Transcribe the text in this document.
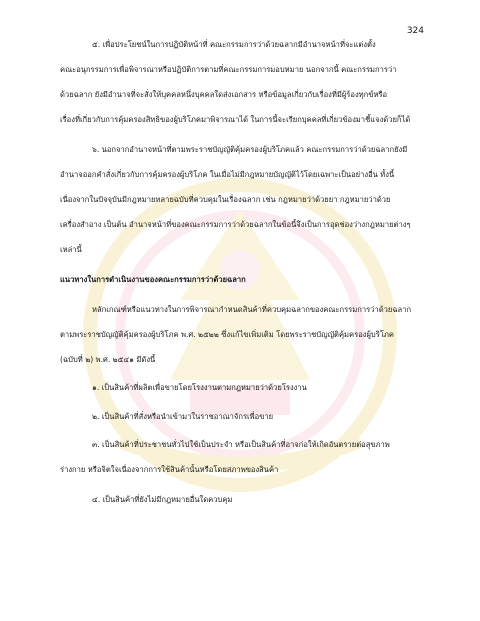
324
๕. เพื่อประโยชน์ในการปฏิบัติหน้าที่ คณะกรรมการว่าด้วยฉลากมีอำนาจหน้าที่จะแต่งตั้ง
คณะอนุกรรมการเพื่อพิจารณาหรือปฏิบัติการตามที่คณะกรรมการมอบหมาย นอกจากนี้ คณะกรรมการว่า
ด้วยฉลาก ยังมีอำนาจที่จะสั่งให้บุคคลหนึ่งบุคคลใดส่งเอกสาร หรือข้อมูลเกี่ยวกับเรื่องที่มีผู้ร้องทุกข์หรือ
เรื่องที่เกี่ยวกับการคุ้มครองสิทธิของผู้บริโภคมาพิจารณาได้ ในการนี้จะเรียกบุคคลที่เกี่ยวข้องมาชี้แจงด้วยก็ได้
๖. นอกจากอำนาจหน้าที่ตามพระราชบัญญัติคุ้มครองผู้บริโภคแล้ว คณะกรรมการว่าด้วยฉลากยังมี
อำนาจออกคำสั่งเกี่ยวกับการคุ้มครองผู้บริโภค ในเมื่อไม่มีกฎหมายบัญญัติไว้โดยเฉพาะเป็นอย่างอื่น ทั้งนี้
เนื่องจากในปัจจุบันมีกฎหมายหลายฉบับที่ควบคุมในเรื่องฉลาก เช่น กฎหมายว่าด้วยยา กฎหมายว่าด้วย
เครื่องสำอาง เป็นต้น อำนาจหน้าที่ของคณะกรรมการว่าด้วยฉลากในข้อนี้จึงเป็นการอุดช่องว่างกฎหมายต่างๆ
เหล่านี้
แนวทางในการดำเนินงานของคณะกรรมการว่าด้วยฉลาก
หลักเกณฑ์หรือแนวทางในการพิจารณากำหนดสินค้าที่ควบคุมฉลากของคณะกรรมการว่าด้วยฉลาก
ตามพระราชบัญญัติคุ้มครองผู้บริโภค พ.ศ. ๒๕๒๒ ซึ่งแก้ไขเพิ่มเติม โดยพระราชบัญญัติคุ้มครองผู้บริโภค
(ฉบับที่ ๒) พ.ศ. ๒๕๔๑ มีดังนี้
๑. เป็นสินค้าที่ผลิตเพื่อขายโดยโรงงานตามกฎหมายว่าด้วยโรงงาน
๒. เป็นสินค้าที่สั่งหรือนำเข้ามาในราชอาณาจักรเพื่อขาย
๓. เป็นสินค้าที่ประชาชนทั่วไปใช้เป็นประจำ หรือเป็นสินค้าที่อาจก่อให้เกิดอันตรายต่อสุขภาพ
ร่างกาย หรือจิตใจเนื่องจากการใช้สินค้านั้นหรือโดยสภาพของสินค้า
๔. เป็นสินค้าที่ยังไม่มีกฎหมายอื่นใดควบคุม
